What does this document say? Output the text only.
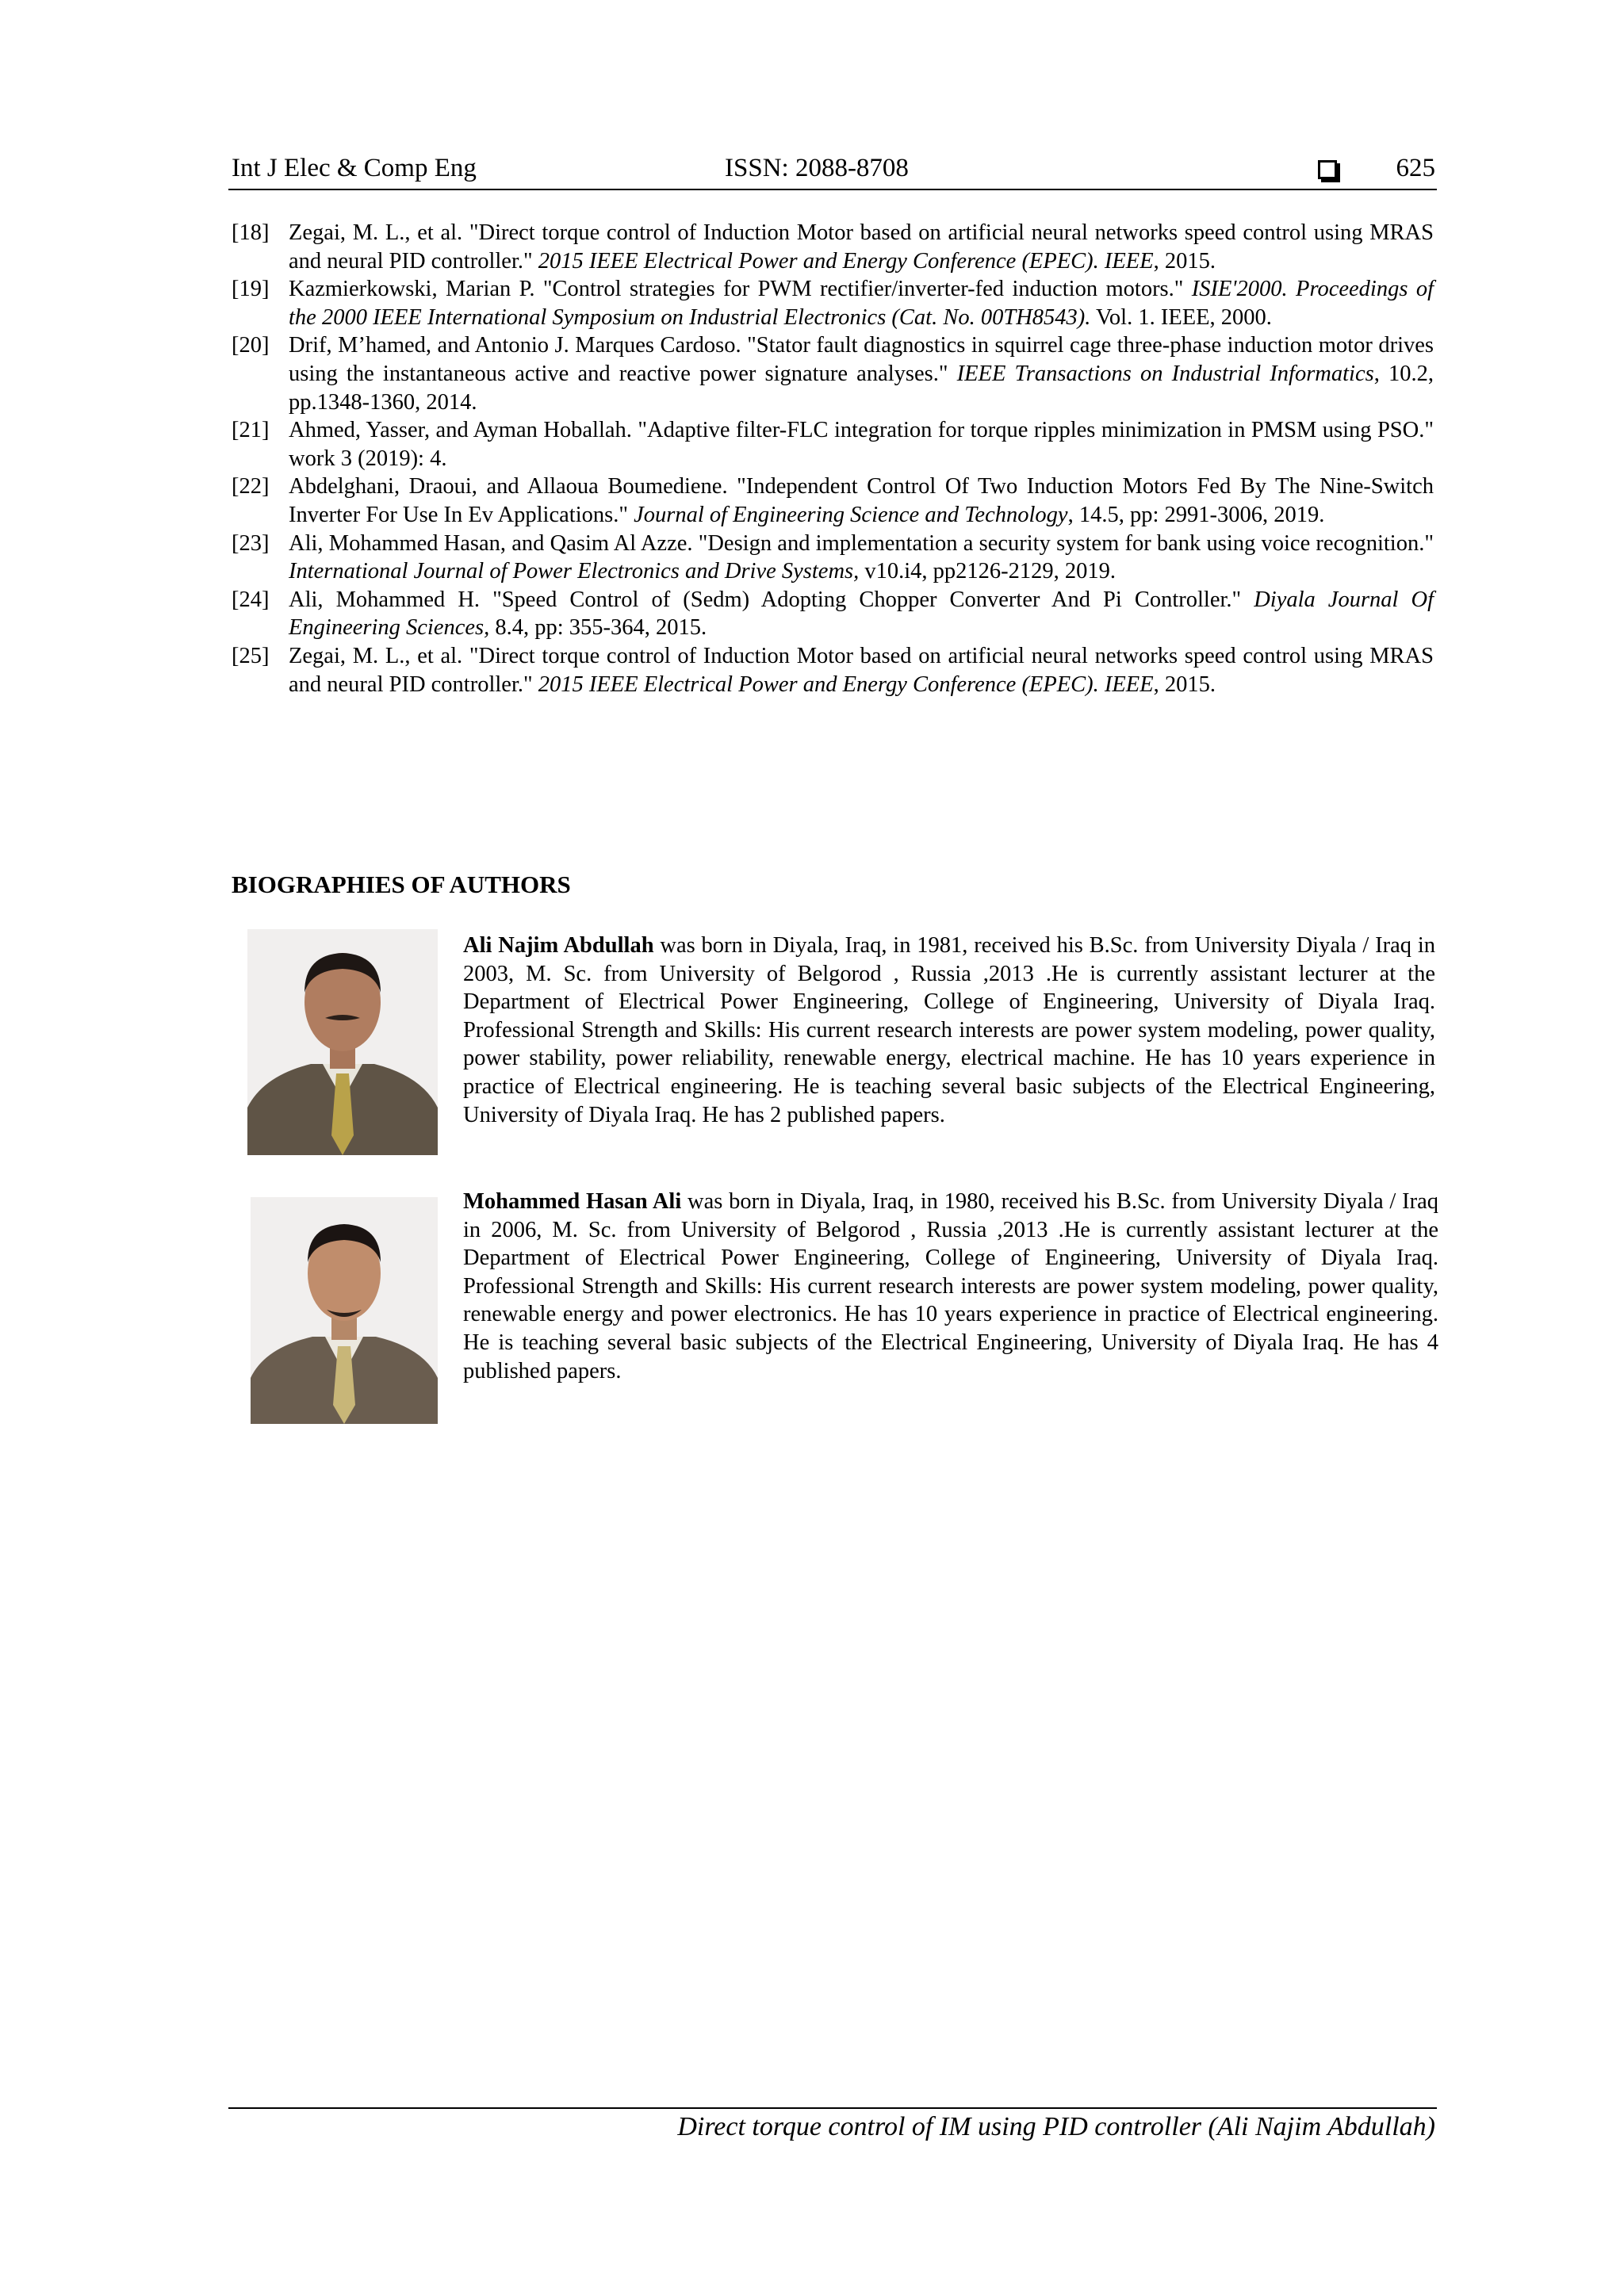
Int J Elec & Comp Eng	ISSN: 2088-8708	625
[18] Zegai, M. L., et al. "Direct torque control of Induction Motor based on artificial neural networks speed control using MRAS and neural PID controller." 2015 IEEE Electrical Power and Energy Conference (EPEC). IEEE, 2015.
[19] Kazmierkowski, Marian P. "Control strategies for PWM rectifier/inverter-fed induction motors." ISIE'2000. Proceedings of the 2000 IEEE International Symposium on Industrial Electronics (Cat. No. 00TH8543). Vol. 1. IEEE, 2000.
[20] Drif, M’hamed, and Antonio J. Marques Cardoso. "Stator fault diagnostics in squirrel cage three-phase induction motor drives using the instantaneous active and reactive power signature analyses." IEEE Transactions on Industrial Informatics, 10.2, pp.1348-1360, 2014.
[21] Ahmed, Yasser, and Ayman Hoballah. "Adaptive filter-FLC integration for torque ripples minimization in PMSM using PSO." work 3 (2019): 4.
[22] Abdelghani, Draoui, and Allaoua Boumediene. "Independent Control Of Two Induction Motors Fed By The Nine-Switch Inverter For Use In Ev Applications." Journal of Engineering Science and Technology, 14.5, pp: 2991-3006, 2019.
[23] Ali, Mohammed Hasan, and Qasim Al Azze. "Design and implementation a security system for bank using voice recognition." International Journal of Power Electronics and Drive Systems, v10.i4, pp2126-2129, 2019.
[24] Ali, Mohammed H. "Speed Control of (Sedm) Adopting Chopper Converter And Pi Controller." Diyala Journal Of Engineering Sciences, 8.4, pp: 355-364, 2015.
[25] Zegai, M. L., et al. "Direct torque control of Induction Motor based on artificial neural networks speed control using MRAS and neural PID controller." 2015 IEEE Electrical Power and Energy Conference (EPEC). IEEE, 2015.
BIOGRAPHIES OF AUTHORS
Ali Najim Abdullah was born in Diyala, Iraq, in 1981, received his B.Sc. from University Diyala / Iraq in 2003, M. Sc. from University of Belgorod , Russia ,2013 .He is currently assistant lecturer at the Department of Electrical Power Engineering, College of Engineering, University of Diyala Iraq. Professional Strength and Skills: His current research interests are power system modeling, power quality, power stability, power reliability, renewable energy, electrical machine. He has 10 years experience in practice of Electrical engineering. He is teaching several basic subjects of the Electrical Engineering, University of Diyala Iraq. He has 2 published papers.
Mohammed Hasan Ali was born in Diyala, Iraq, in 1980, received his B.Sc. from University Diyala / Iraq in 2006, M. Sc. from University of Belgorod , Russia ,2013 .He is currently assistant lecturer at the Department of Electrical Power Engineering, College of Engineering, University of Diyala Iraq. Professional Strength and Skills: His current research interests are power system modeling, power quality, renewable energy and power electronics. He has 10 years experience in practice of Electrical engineering. He is teaching several basic subjects of the Electrical Engineering, University of Diyala Iraq. He has 4 published papers.
Direct torque control of IM using PID controller (Ali Najim Abdullah)
